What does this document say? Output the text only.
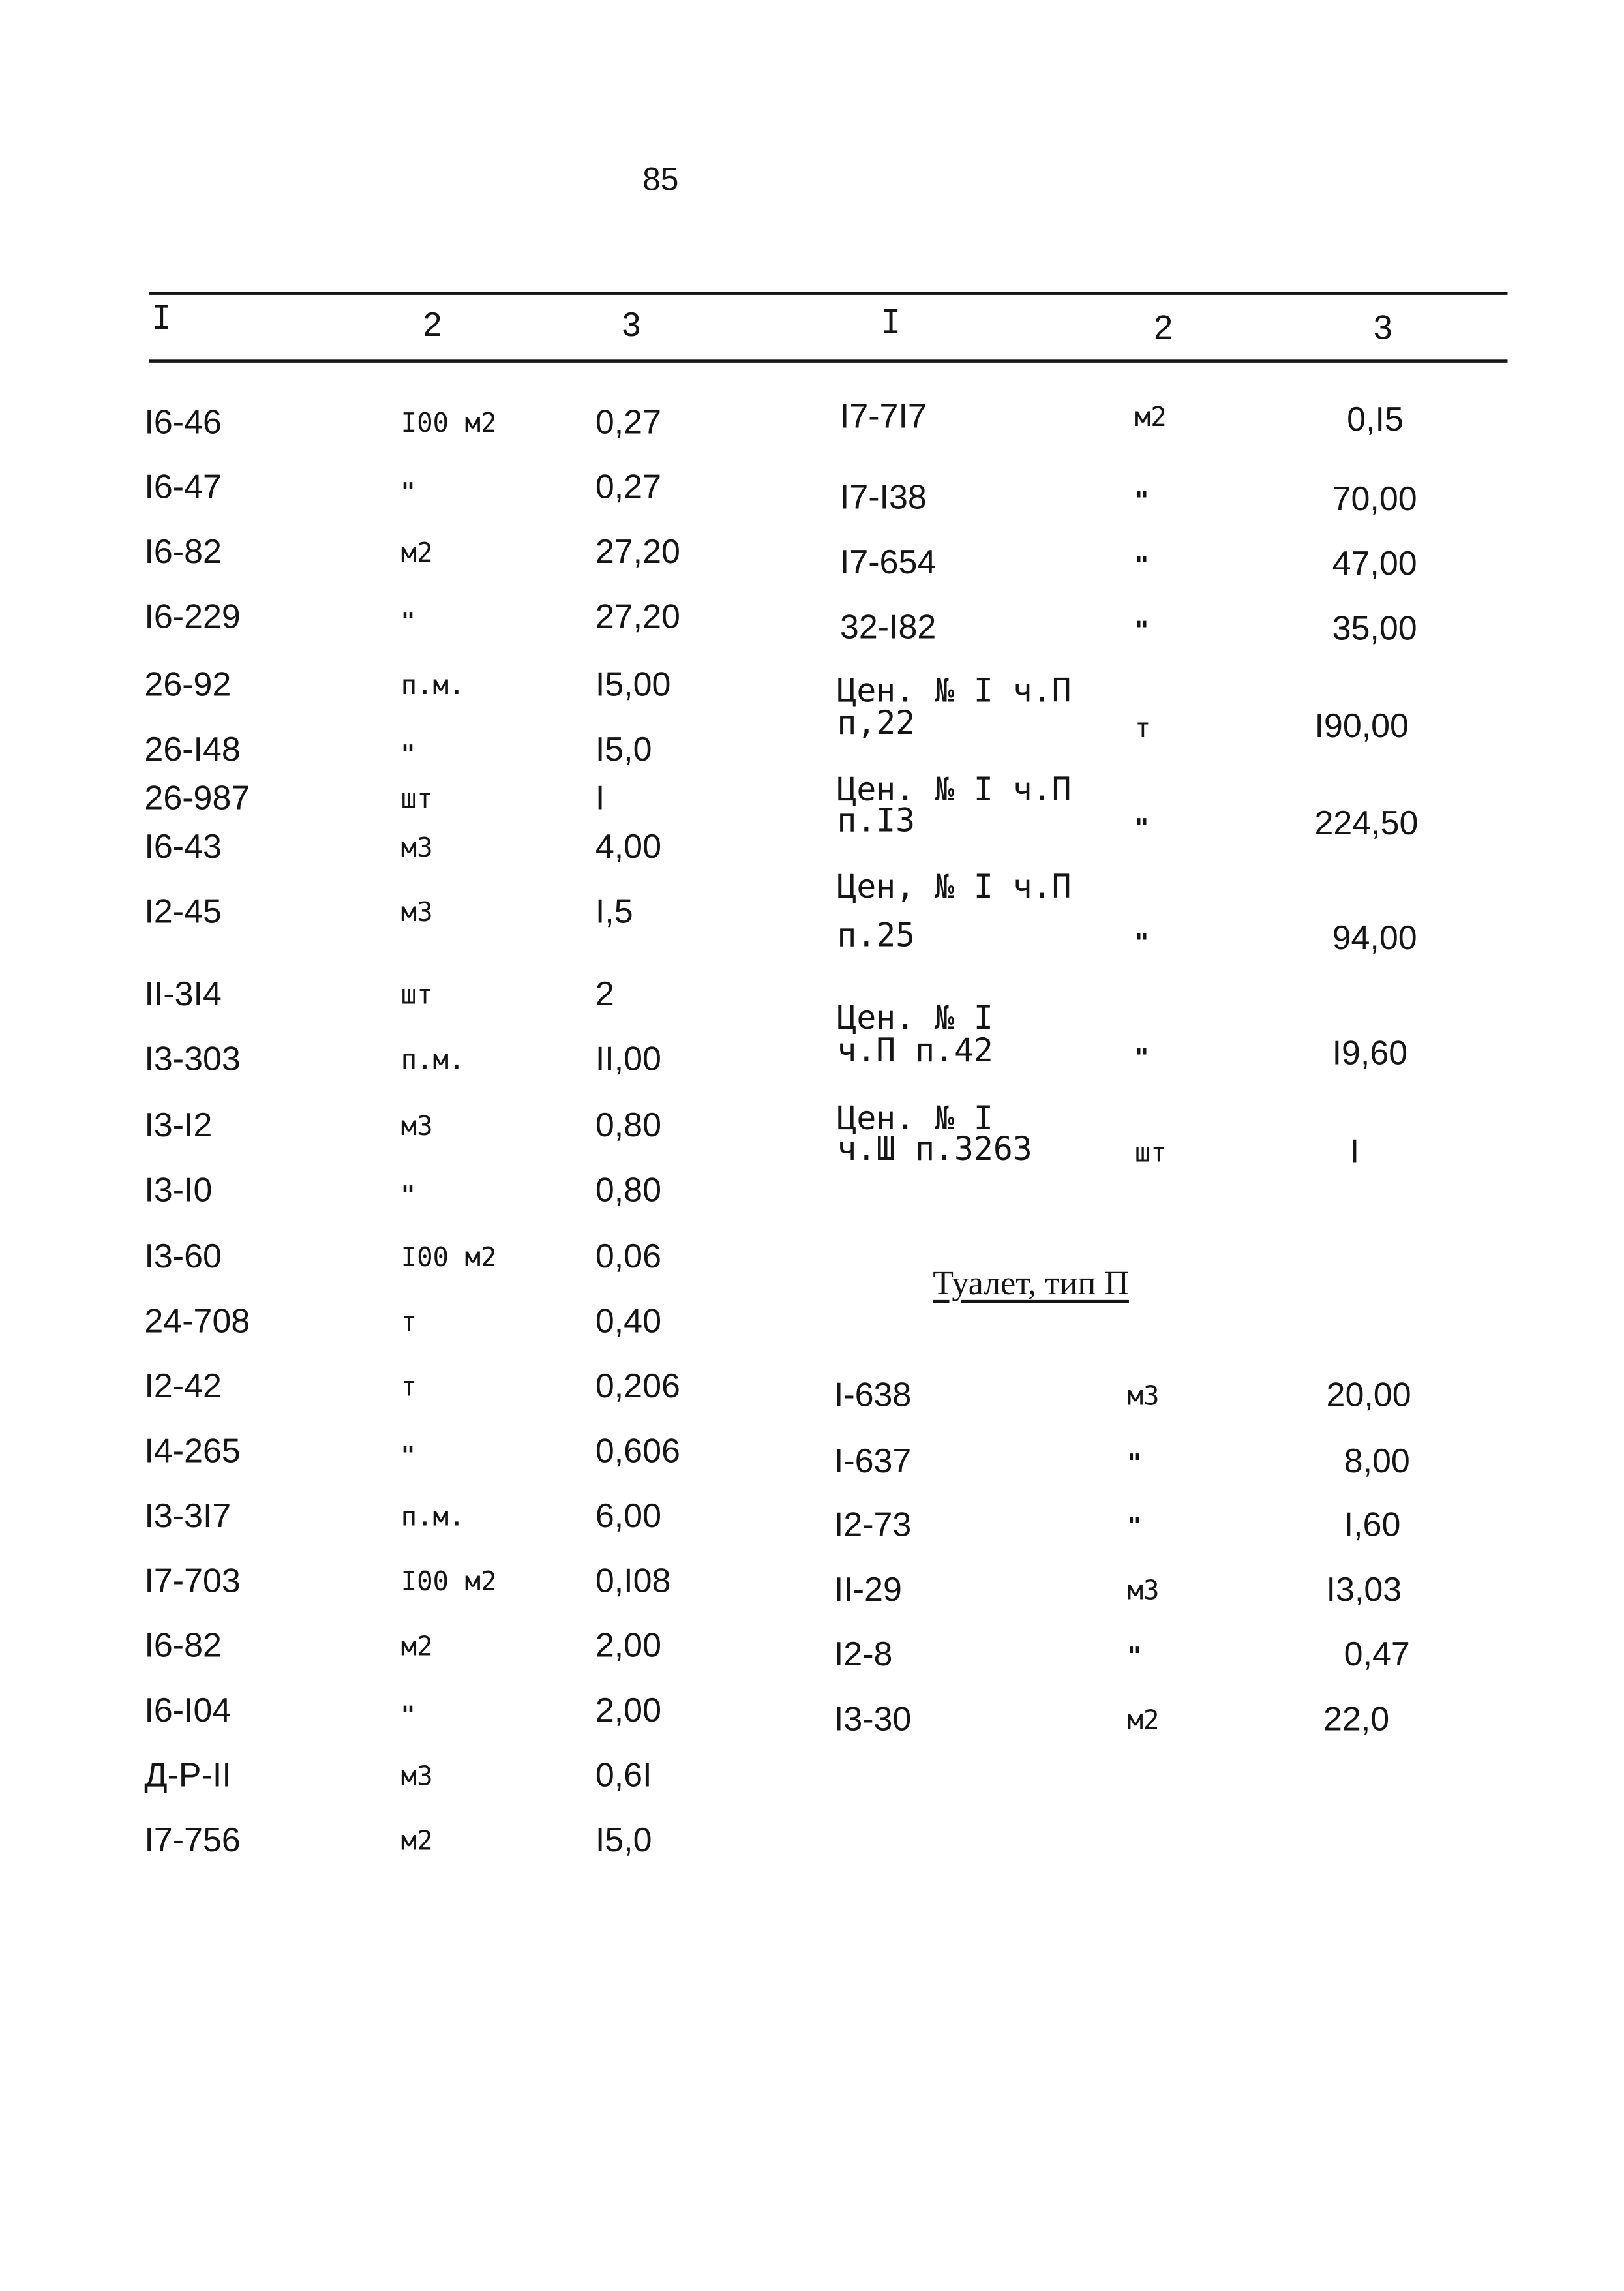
85
I	2	3	I	2	3
I6-46	I00 м2	0,27
I6-47	"	0,27
I6-82	м2	27,20
I6-229	"	27,20
26-92	п.м.	I5,00
26-I48	"	I5,0
26-987	шт	I
I6-43	м3	4,00
I2-45	м3	I,5
II-3I4	шт	2
I3-303	п.м.	II,00
I3-I2	м3	0,80
I3-I0	"	0,80
I3-60	I00 м2	0,06
24-708	т	0,40
I2-42	т	0,206
I4-265	"	0,606
I3-3I7	п.м.	6,00
I7-703	I00 м2	0,I08
I6-82	м2	2,00
I6-I04	"	2,00
Д-Р-II	м3	0,6I
I7-756	м2	I5,0
I7-7I7	м2	0,I5
I7-I38	"	70,00
I7-654	"	47,00
32-I82	"	35,00
Цен. № I ч.П
п,22	т	I90,00
Цен. № I ч.П
п.I3	"	224,50
Цен, № I ч.П
п.25	"	94,00
Цен. № I
ч.П п.42	"	I9,60
Цен. № I
ч.Ш п.3263	шт	I
Туалет, тип П
I-638	м3	20,00
I-637	"	8,00
I2-73	"	I,60
II-29	м3	I3,03
I2-8	"	0,47
I3-30	м2	22,0
